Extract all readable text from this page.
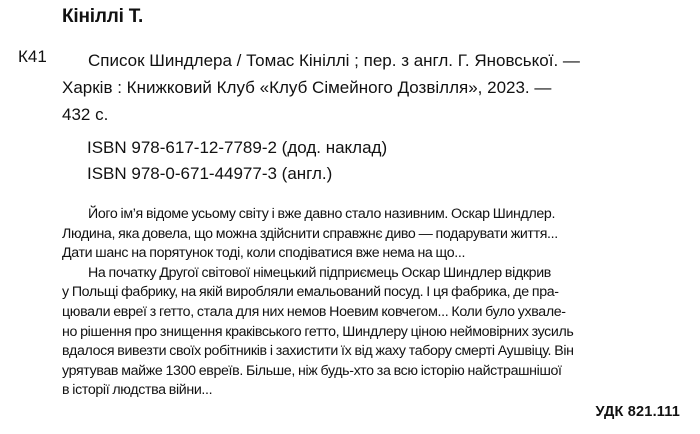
Кініллі Т.
К41	Список Шиндлера / Томас Кініллі ; пер. з англ. Г. Яновської. —
Харків : Книжковий Клуб «Клуб Сімейного Дозвілля», 2023. —
432 с.
ISBN 978-617-12-7789-2 (дод. наклад)
ISBN 978-0-671-44977-3 (англ.)
Його ім’я відоме усьому світу і вже давно стало називним. Оскар Шиндлер.
Людина, яка довела, що можна здійснити справжнє диво — подарувати життя...
Дати шанс на порятунок тоді, коли сподіватися вже нема на що...
На початку Другої світової німецький підприємець Оскар Шиндлер відкрив
у Польщі фабрику, на якій виробляли емальований посуд. І ця фабрика, де пра-
цювали евреї з гетто, стала для них немов Ноевим ковчегом... Коли було ухвале-
но рішення про знищення краківського гетто, Шиндлеру ціною неймовірних зусиль
вдалося вивезти своїх робітників і захистити їх від жаху табору смерті Аушвіцу. Він
урятував майже 1300 евреїв. Більше, ніж будь-хто за всю історію найстрашнішої
в історії людства війни...
УДК 821.111
